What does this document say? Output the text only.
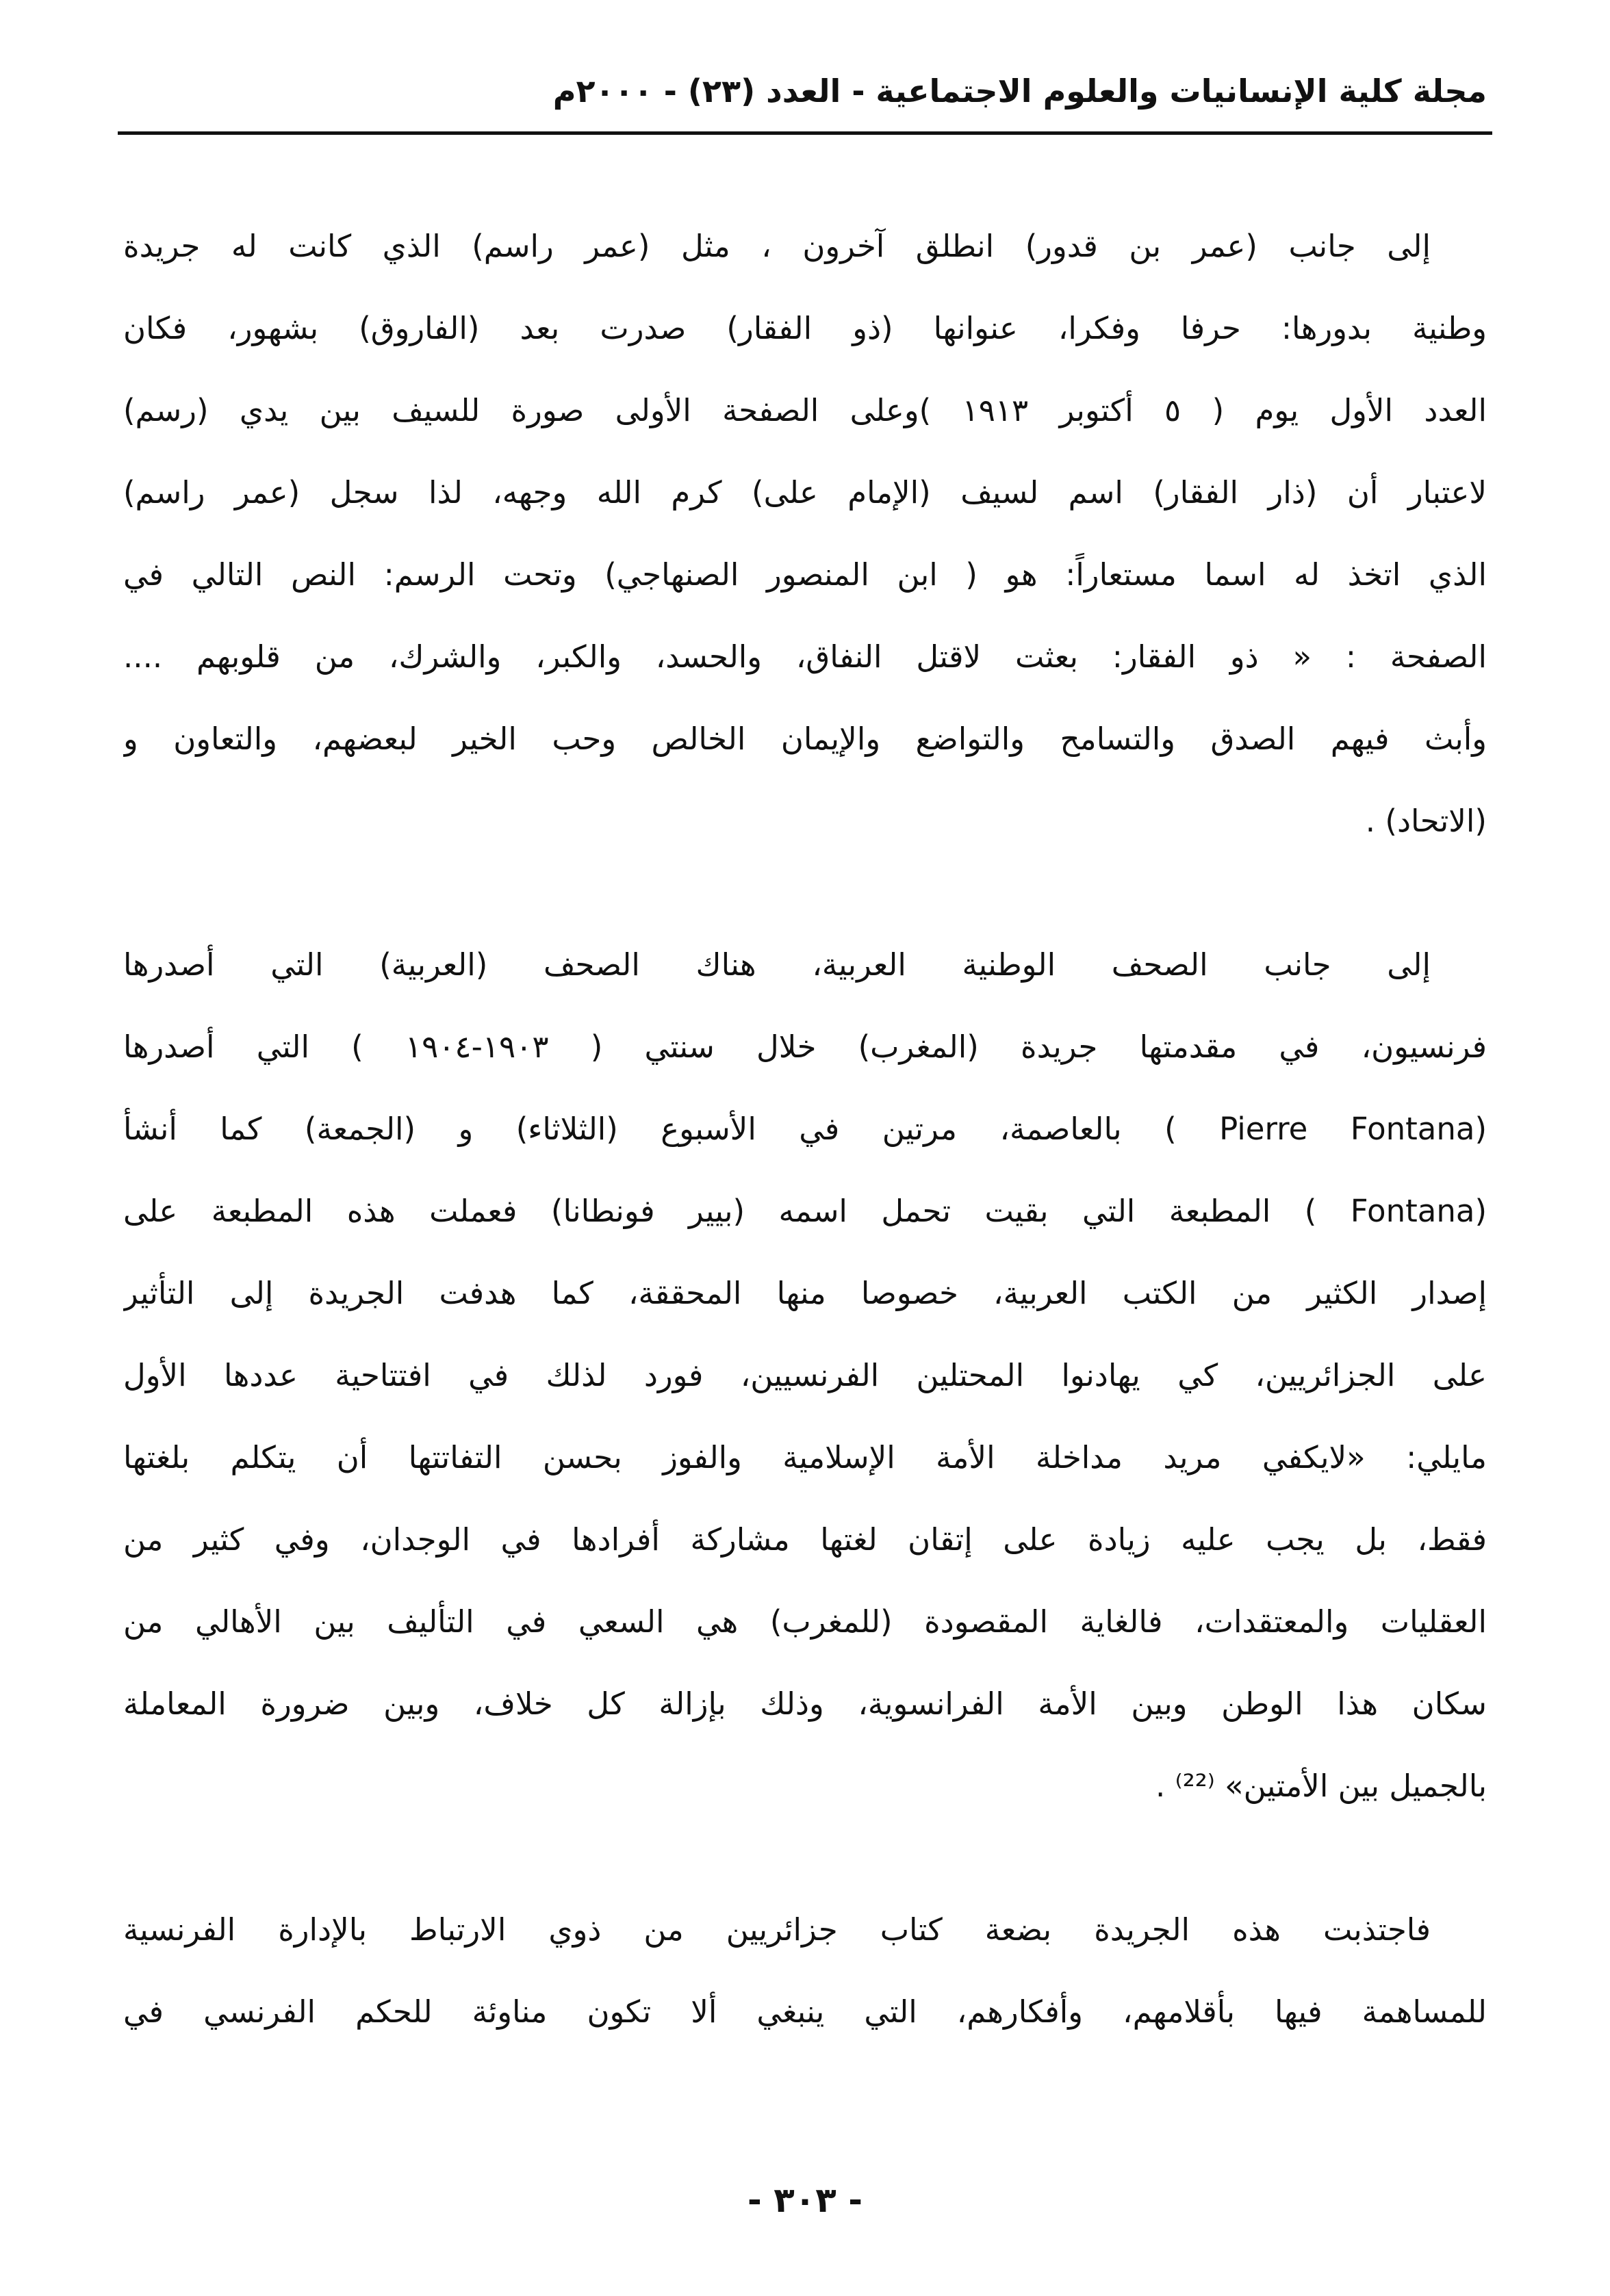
مجلة كلية الإنسانيات والعلوم الاجتماعية - العدد (٢٣) - ٢٠٠٠م
إلى جانب (عمر بن قدور) انطلق آخرون ، مثل (عمر راسم) الذي كانت له جريدة
وطنية بدورها: حرفا وفكرا، عنوانها (ذو الفقار) صدرت بعد (الفاروق) بشهور، فكان
العدد الأول يوم ( ٥ أكتوبر ١٩١٣ )وعلى الصفحة الأولى صورة للسيف بين يدي (رسم)
لاعتبار أن (ذار الفقار) اسم لسيف (الإمام على) كرم الله وجهه، لذا سجل (عمر راسم)
الذي اتخذ له اسما مستعاراً: هو ( ابن المنصور الصنهاجي) وتحت الرسم: النص التالي في
الصفحة : « ذو الفقار: بعثت لاقتل النفاق، والحسد، والكبر، والشرك، من قلوبهم ....
وأبث فيهم الصدق والتسامح والتواضع والإيمان الخالص وحب الخير لبعضهم، والتعاون و
(الاتحاد) .
إلى جانب الصحف الوطنية العربية، هناك الصحف (العربية) التي أصدرها
فرنسيون، في مقدمتها جريدة (المغرب) خلال سنتي ( ١٩٠٣-١٩٠٤ ) التي أصدرها
(Pierre Fontana ) بالعاصمة، مرتين في الأسبوع (الثلاثاء) و (الجمعة) كما أنشأ
(Fontana ) المطبعة التي بقيت تحمل اسمه (بيير فونطانا) فعملت هذه المطبعة على
إصدار الكثير من الكتب العربية، خصوصا منها المحققة، كما هدفت الجريدة إلى التأثير
على الجزائريين، كي يهادنوا المحتلين الفرنسيين، فورد لذلك في افتتاحية عددها الأول
مايلي: «لايكفي مريد مداخلة الأمة الإسلامية والفوز بحسن التفاتتها أن يتكلم بلغتها
فقط، بل يجب عليه زيادة على إتقان لغتها مشاركة أفرادها في الوجدان، وفي كثير من
العقليات والمعتقدات، فالغاية المقصودة (للمغرب) هي السعي في التأليف بين الأهالي من
سكان هذا الوطن وبين الأمة الفرانسوية، وذلك بإزالة كل خلاف، وبين ضرورة المعاملة
بالجميل بين الأمتين» ⁽²²⁾ .
فاجتذبت هذه الجريدة بضعة كتاب جزائريين من ذوي الارتباط بالإدارة الفرنسية
للمساهمة فيها بأقلامهم، وأفكارهم، التي ينبغي ألا تكون مناوئة للحكم الفرنسي في
- ٣٠٣ -
